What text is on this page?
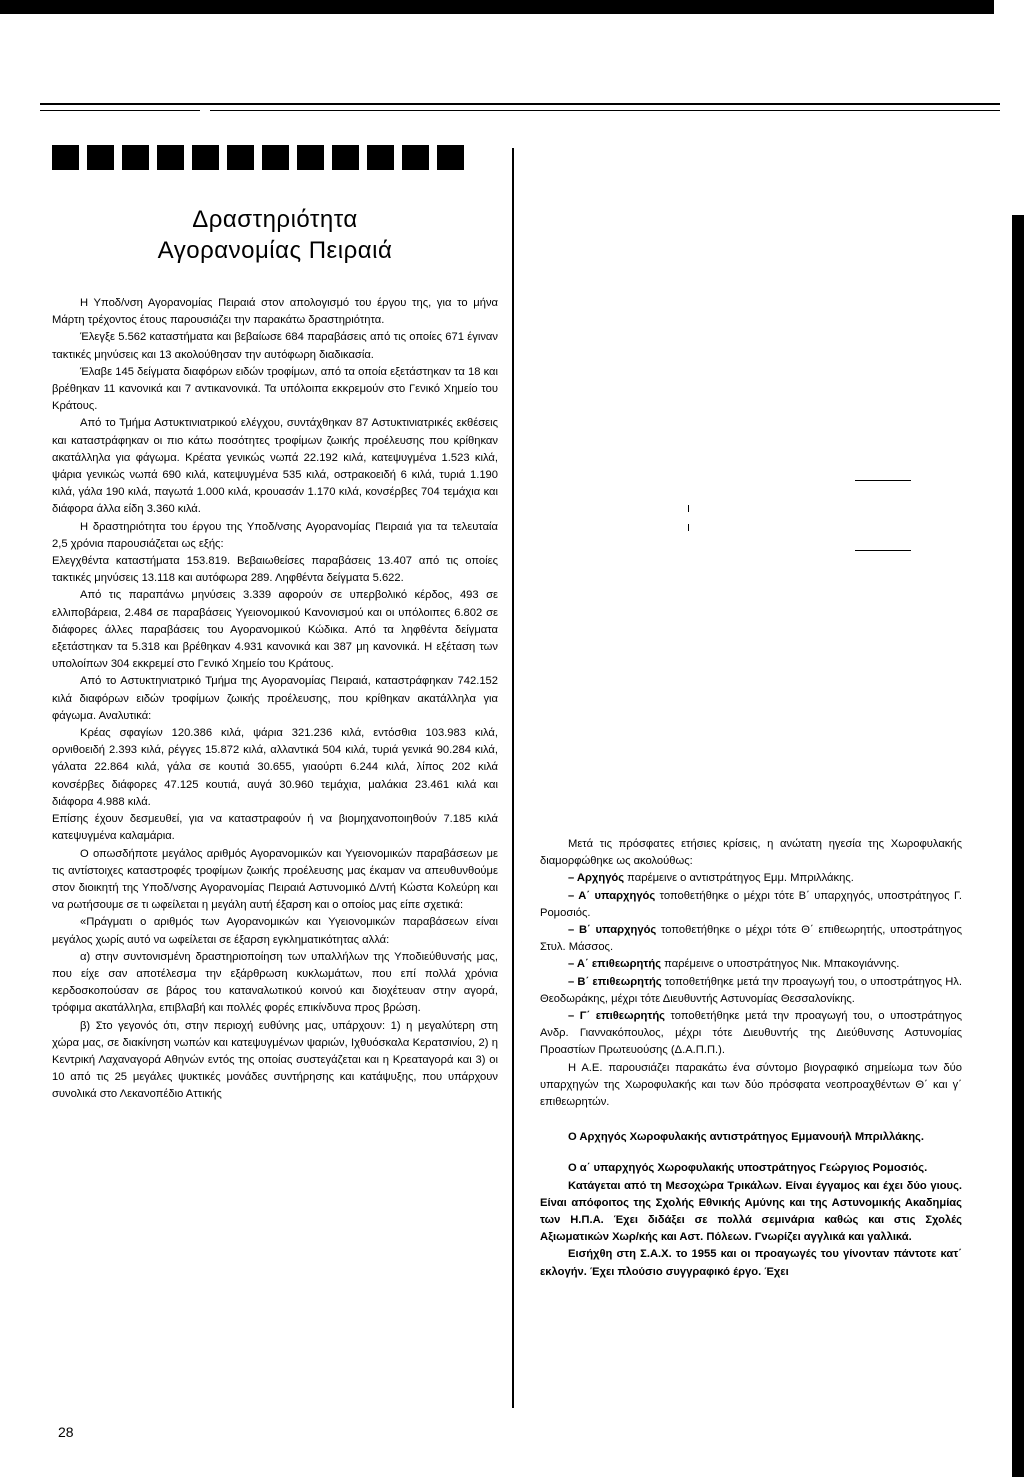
Δραστηριότητα
Αγορανομίας Πειραιά

Η Υποδ/νση Αγορανομίας Πειραιά στον απολογισμό του έργου της, για το μήνα Μάρτη τρέχοντος έτους παρουσιάζει την παρακάτω δραστηριότητα.

Έλεγξε 5.562 καταστήματα και βεβαίωσε 684 παραβάσεις από τις οποίες 671 έγιναν τακτικές μηνύσεις και 13 ακολούθησαν την αυτόφωρη διαδικασία.

Έλαβε 145 δείγματα διαφόρων ειδών τροφίμων, από τα οποία εξετάστηκαν τα 18 και βρέθηκαν 11 κανονικά και 7 αντικανονικά. Τα υπόλοιπα εκκρεμούν στο Γενικό Χημείο του Κράτους.

Από το Τμήμα Αστυκτινιατρικού ελέγχου, συντάχθηκαν 87 Αστυκτινιατρικές εκθέσεις και καταστράφηκαν οι πιο κάτω ποσότητες τροφίμων ζωικής προέλευσης που κρίθηκαν ακατάλληλα για φάγωμα. Κρέατα γενικώς νωπά 22.192 κιλά, κατεψυγμένα 1.523 κιλά, ψάρια γενικώς νωπά 690 κιλά, κατεψυγμένα 535 κιλά, οστρακοειδή 6 κιλά, τυριά 1.190 κιλά, γάλα 190 κιλά, παγωτά 1.000 κιλά, κρουασάν 1.170 κιλά, κονσέρβες 704 τεμάχια και διάφορα άλλα είδη 3.360 κιλά.

Η δραστηριότητα του έργου της Υποδ/νσης Αγορανομίας Πειραιά για τα τελευταία 2,5 χρόνια παρουσιάζεται ως εξής:

Ελεγχθέντα καταστήματα 153.819. Βεβαιωθείσες παραβάσεις 13.407 από τις οποίες τακτικές μηνύσεις 13.118 και αυτόφωρα 289. Ληφθέντα δείγματα 5.622.

Από τις παραπάνω μηνύσεις 3.339 αφορούν σε υπερβολικό κέρδος, 493 σε ελλιποβάρεια, 2.484 σε παραβάσεις Υγειονομικού Κανονισμού και οι υπόλοιπες 6.802 σε διάφορες άλλες παραβάσεις του Αγορανομικού Κώδικα. Από τα ληφθέντα δείγματα εξετάστηκαν τα 5.318 και βρέθηκαν 4.931 κανονικά και 387 μη κανονικά. Η εξέταση των υπολοίπων 304 εκκρεμεί στο Γενικό Χημείο του Κράτους.

Από το Αστυκτηνιατρικό Τμήμα της Αγορανομίας Πειραιά, καταστράφηκαν 742.152 κιλά διαφόρων ειδών τροφίμων ζωικής προέλευσης, που κρίθηκαν ακατάλληλα για φάγωμα. Αναλυτικά:

Κρέας σφαγίων 120.386 κιλά, ψάρια 321.236 κιλά, εντόσθια 103.983 κιλά, ορνιθοειδή 2.393 κιλά, ρέγγες 15.872 κιλά, αλλαντικά 504 κιλά, τυριά γενικά 90.284 κιλά, γάλατα 22.864 κιλά, γάλα σε κουτιά 30.655, γιαούρτι 6.244 κιλά, λίπος 202 κιλά κονσέρβες διάφορες 47.125 κουτιά, αυγά 30.960 τεμάχια, μαλάκια 23.461 κιλά και διάφορα 4.988 κιλά.

Επίσης έχουν δεσμευθεί, για να καταστραφούν ή να βιομηχανοποιηθούν 7.185 κιλά κατεψυγμένα καλαμάρια.

Ο οπωσδήποτε μεγάλος αριθμός Αγορανομικών και Υγειονομικών παραβάσεων με τις αντίστοιχες καταστροφές τροφίμων ζωικής προέλευσης μας έκαμαν να απευθυνθούμε στον διοικητή της Υποδ/νσης Αγορανομίας Πειραιά Αστυνομικό Δ/ντή Κώστα Κολεύρη και να ρωτήσουμε σε τι ωφείλεται η μεγάλη αυτή έξαρση και ο οποίος μας είπε σχετικά:

«Πράγματι ο αριθμός των Αγορανομικών και Υγειονομικών παραβάσεων είναι μεγάλος χωρίς αυτό να ωφείλεται σε έξαρση εγκληματικότητας αλλά:

α) στην συντονισμένη δραστηριοποίηση των υπαλλήλων της Υποδιεύθυνσής μας, που είχε σαν αποτέλεσμα την εξάρθρωση κυκλωμάτων, που επί πολλά χρόνια κερδοσκοπούσαν σε βάρος του καταναλωτικού κοινού και διοχέτευαν στην αγορά, τρόφιμα ακατάλληλα, επιβλαβή και πολλές φορές επικίνδυνα προς βρώση.

β) Στο γεγονός ότι, στην περιοχή ευθύνης μας, υπάρχουν: 1) η μεγαλύτερη στη χώρα μας, σε διακίνηση νωπών και κατεψυγμένων ψαριών, Ιχθυόσκαλα Κερατσινίου, 2) η Κεντρική Λαχαναγορά Αθηνών εντός της οποίας συστεγάζεται και η Κρεαταγορά και 3) οι 10 από τις 25 μεγάλες ψυκτικές μονάδες συντήρησης και κατάψυξης, που υπάρχουν συνολικά στο Λεκανοπέδιο Αττικής

Μετά τις πρόσφατες ετήσιες κρίσεις, η ανώτατη ηγεσία της Χωροφυλακής διαμορφώθηκε ως ακολούθως:

– Αρχηγός παρέμεινε ο αντιστράτηγος Εμμ. Μπριλλάκης.

– Α΄ υπαρχηγός τοποθετήθηκε ο μέχρι τότε Β΄ υπαρχηγός, υποστράτηγος Γ. Ρομοσιός.

– Β΄ υπαρχηγός τοποθετήθηκε ο μέχρι τότε Θ΄ επιθεωρητής, υποστράτηγος Στυλ. Μάσσος.

– Α΄ επιθεωρητής παρέμεινε ο υποστράτηγος Νικ. Μπακογιάννης.

– Β΄ επιθεωρητής τοποθετήθηκε μετά την προαγωγή του, ο υποστράτηγος Ηλ. Θεοδωράκης, μέχρι τότε Διευθυντής Αστυνομίας Θεσσαλονίκης.

– Γ΄ επιθεωρητής τοποθετήθηκε μετά την προαγωγή του, ο υποστράτηγος Ανδρ. Γιαννακόπουλος, μέχρι τότε Διευθυντής της Διεύθυνσης Αστυνομίας Προαστίων Πρωτευούσης (Δ.Α.Π.Π.).

Η Α.Ε. παρουσιάζει παρακάτω ένα σύντομο βιογραφικό σημείωμα των δύο υπαρχηγών της Χωροφυλακής και των δύο πρόσφατα νεοπροαχθέντων Θ΄ και γ΄ επιθεωρητών.

Ο Αρχηγός Χωροφυλακής αντιστράτηγος Εμμανουήλ Μπριλλάκης.

Ο α΄ υπαρχηγός Χωροφυλακής υποστράτηγος Γεώργιος Ρομοσιός.

Κατάγεται από τη Μεσοχώρα Τρικάλων. Είναι έγγαμος και έχει δύο γιους. Είναι απόφοιτος της Σχολής Εθνικής Αμύνης και της Αστυνομικής Ακαδημίας των Η.Π.Α. Έχει διδάξει σε πολλά σεμινάρια καθώς και στις Σχολές Αξιωματικών Χωρ/κής και Αστ. Πόλεων. Γνωρίζει αγγλικά και γαλλικά.

Εισήχθη στη Σ.Α.Χ. το 1955 και οι προαγωγές του γίνονταν πάντοτε κατ΄ εκλογήν. Έχει πλούσιο συγγραφικό έργο. Έχει

28
